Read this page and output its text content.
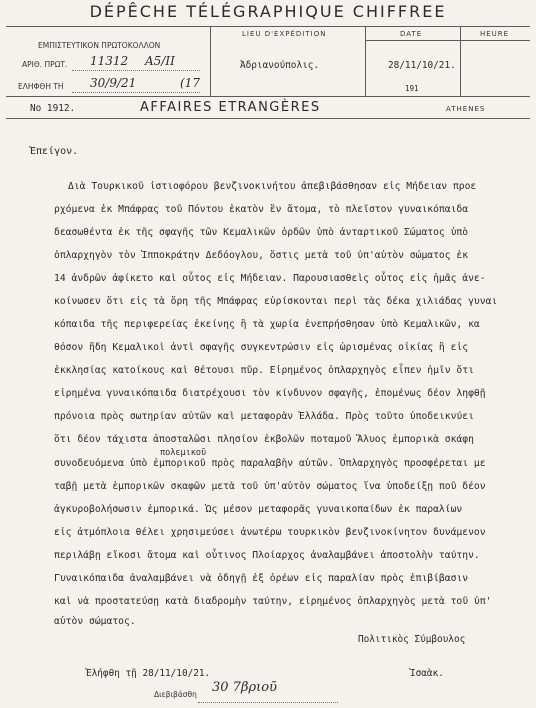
DÉPÊCHE TÉLÉGRAPHIQUE CHIFFREE
LIEU D'EXPÉDITION	DATE	HEURE
ΕΜΠΙΣΤΕΥΤΙΚΟΝ ΠΡΩΤΟΚΟΛΛΟΝ
ΑΡΙΘ. ΠΡΩΤ. 11312 Α5/II
ΕΛΗΦΘΗ ΤΗ 30/9/21	(17
Ἀδριανούπολις.	28/11/10/21.
191
No 1912.	AFFAIRES ETRANGÈRES	ATHENES
Ἐπείγον.
Διὰ Τουρκικοῦ ἱστιοφόρου βενζινοκινήτου ἀπεβιβάσθησαν εἰς Μήδειαν προε
ρχόμενα ἐκ Μπάφρας τοῦ Πόντου ἑκατὸν ἓν ἄτομα, τὸ πλεῖστον γυναικόπαιδα
δεασωθέντα ἐκ τῆς σφαγῆς τῶν Κεμαλικῶν ὁρδῶν ὑπὸ ἀνταρτικοῦ Σώματος ὑπὸ
ὁπλαρχηγὸν τὸν Ἱπποκράτην Δεδόογλου, ὅστις μετὰ τοῦ ὑπ'αὐτὸν σώματος ἐκ
14 ἀνδρῶν ἀφίκετο καὶ οὗτος εἰς Μήδειαν. Παρουσιασθεὶς οὗτος εἰς ἡμᾶς ἀνε-
κοίνωσεν ὅτι εἰς τὰ ὄρη τῆς Μπάφρας εὑρίσκονται περὶ τὰς δέκα χιλιάδας γυναι
κόπαιδα τῆς περιφερείας ἐκείνης ἣ τὰ χωρία ἐνεπρήσθησαν ὑπὸ Κεμαλικῶν, κα
θόσον ἤδη Κεμαλικοὶ ἀντὶ σφαγῆς συγκεντρώσιν εἰς ὡρισμένας οἰκίας ἢ εἰς
ἐκκλησίας κατοίκους καὶ θέτουσι πῦρ. Εἰρημένος ὁπλαρχηγὸς εἶπεν ἡμῖν ὅτι
εἰρημένα γυναικόπαιδα διατρέχουσι τὸν κίνδυνον σφαγῆς, ἑπομένως δέον ληφθῇ
πρόνοια πρὸς σωτηρίαν αὐτῶν καὶ μεταφορὰν Ἑλλάδα. Πρὸς τοῦτο ὑποδεικνύει
ὅτι δέον τάχιστα ἀποσταλῶσι πλησίον ἐκβολῶν ποταμοῦ Ἅλυος ἐμπορικὰ σκάφη
πολεμικοῦ
συνοδευόμενα ὑπὸ ἐμπορικοῦ πρὸς παραλαβὴν αὐτῶν. Ὁπλαρχηγὸς προσφέρεται με
ταβῇ μετὰ ἐμπορικῶν σκαφῶν μετὰ τοῦ ὑπ'αὐτὸν σώματος ἵνα ὑποδείξῃ ποῦ δέον
ἀγκυροβολήσωσιν ἐμπορικά. Ὡς μέσον μεταφορᾶς γυναικοπαίδων ἐκ παραλίων
εἰς ἀτμόπλοια θέλει χρησιμεύσει ἀνωτέρω τουρκικὸν βενζινοκίνητον δυνάμενον
περιλάβῃ εἴκοσι ἄτομα καὶ οὗτινος Πλοίαρχος ἀναλαμβάνει ἀποστολὴν ταύτην.
Γυναικόπαιδα ἀναλαμβάνει νὰ ὁδηγῇ ἐξ ὀρέων εἰς παραλίαν πρὸς ἐπιβίβασιν
καὶ νὰ προστατεύσῃ κατὰ διαδρομὴν ταύτην, εἰρημένος ὁπλαρχηγὸς μετὰ τοῦ ὑπ'
αὐτὸν σώματος.
Πολιτικὸς Σύμβουλος
Ἐλήφθη τῇ 28/11/10/21.	Ἰσαὰκ.
Διεβιβάσθη 30 7βριοῦ
